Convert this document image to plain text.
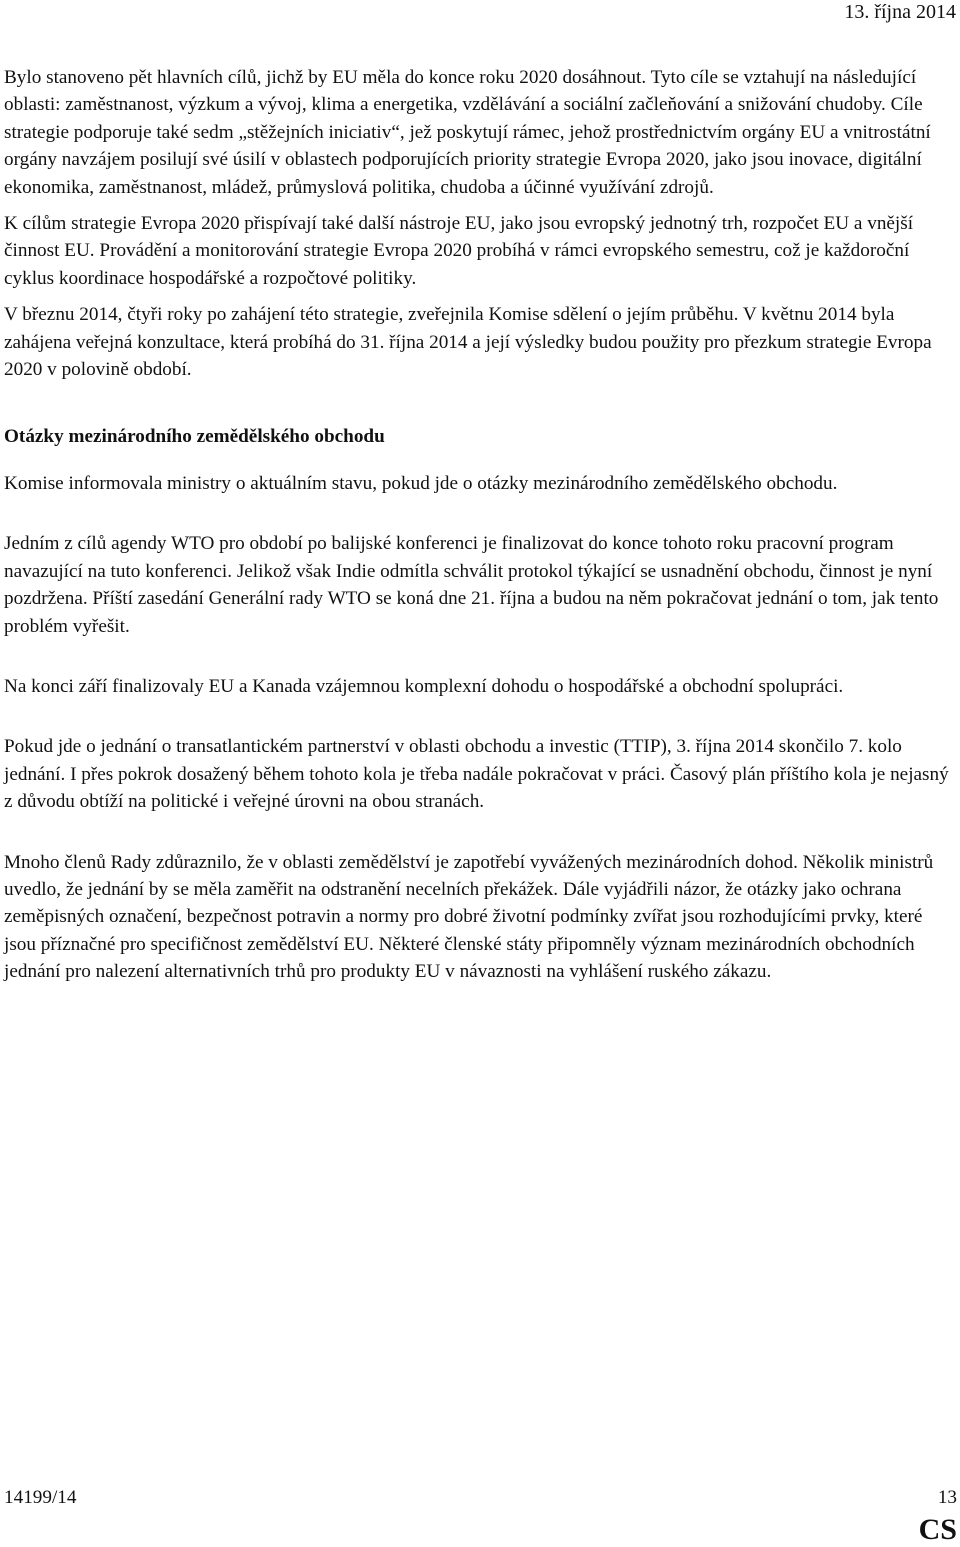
13. října 2014

Bylo stanoveno pět hlavních cílů, jichž by EU měla do konce roku 2020 dosáhnout. Tyto cíle se vztahují na následující oblasti: zaměstnanost, výzkum a vývoj, klima a energetika, vzdělávání a sociální začleňování a snižování chudoby. Cíle strategie podporuje také sedm „stěžejních iniciativ“, jež poskytují rámec, jehož prostřednictvím orgány EU a vnitrostátní orgány navzájem posilují své úsilí v oblastech podporujících priority strategie Evropa 2020, jako jsou inovace, digitální ekonomika, zaměstnanost, mládež, průmyslová politika, chudoba a účinné využívání zdrojů.

K cílům strategie Evropa 2020 přispívají také další nástroje EU, jako jsou evropský jednotný trh, rozpočet EU a vnější činnost EU. Provádění a monitorování strategie Evropa 2020 probíhá v rámci evropského semestru, což je každoroční cyklus koordinace hospodářské a rozpočtové politiky.

V březnu 2014, čtyři roky po zahájení této strategie, zveřejnila Komise sdělení o jejím průběhu. V květnu 2014 byla zahájena veřejná konzultace, která probíhá do 31. října 2014 a její výsledky budou použity pro přezkum strategie Evropa 2020 v polovině období.

Otázky mezinárodního zemědělského obchodu

Komise informovala ministry o aktuálním stavu, pokud jde o otázky mezinárodního zemědělského obchodu.

Jedním z cílů agendy WTO pro období po balijské konferenci je finalizovat do konce tohoto roku pracovní program navazující na tuto konferenci. Jelikož však Indie odmítla schválit protokol týkající se usnadnění obchodu, činnost je nyní pozdržena. Příští zasedání Generální rady WTO se koná dne 21. října a budou na něm pokračovat jednání o tom, jak tento problém vyřešit.

Na konci září finalizovaly EU a Kanada vzájemnou komplexní dohodu o hospodářské a obchodní spolupráci.

Pokud jde o jednání o transatlantickém partnerství v oblasti obchodu a investic (TTIP), 3. října 2014 skončilo 7. kolo jednání. I přes pokrok dosažený během tohoto kola je třeba nadále pokračovat v práci. Časový plán příštího kola je nejasný z důvodu obtíží na politické i veřejné úrovni na obou stranách.

Mnoho členů Rady zdůraznilo, že v oblasti zemědělství je zapotřebí vyvážených mezinárodních dohod. Několik ministrů uvedlo, že jednání by se měla zaměřit na odstranění necelních překážek. Dále vyjádřili názor, že otázky jako ochrana zeměpisných označení, bezpečnost potravin a normy pro dobré životní podmínky zvířat jsou rozhodujícími prvky, které jsou příznačné pro specifičnost zemědělství EU. Některé členské státy připomněly význam mezinárodních obchodních jednání pro nalezení alternativních trhů pro produkty EU v návaznosti na vyhlášení ruského zákazu.

14199/14	13
CS
